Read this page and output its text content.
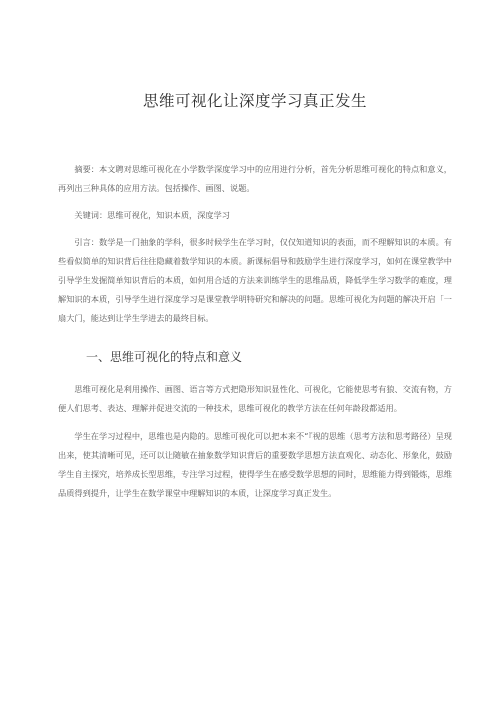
思维可视化让深度学习真正发生

摘要：本文聘对思维可视化在小学数学深度学习中的应用进行分析，首先分析思维可视化的特点和意义，再列出三种具体的应用方法。包括操作、画图、说题。

关键词：思维可视化，知识本质，深度学习

引言：数学是一门抽象的学科，很多时候学生在学习时，仅仅知道知识的表面，而不理解知识的本质。有些看似简单的知识背后往往隐藏着数学知识的本质。新课标倡导和鼓励学生进行深度学习，如何在课堂教学中引导学生发掘简单知识背后的本质，如何用合适的方法来训练学生的思维品质，降低学生学习数学的难度，理解知识的本质，引导学生进行深度学习是课堂教学明特研究和解决的问题。思维可视化为问题的解决开启「一扇大门，能达到让学生学进去的最终目标。

一、思维可视化的特点和意义

思维可视化是利用操作、画图、语言等方式把隐形知识显性化、可视化，它能使思考有狼、交流有物，方便人们思考、表达、理解并促进交流的一种技术，思维可视化的教学方法在任何年龄段都适用。

学生在学习过程中，思维也是内隐的。思维可视化可以把本来不“『视的思维（思考方法和思考路径）呈现出来，使其清晰可见，还可以让随敏在抽象数学知识背后的重要数学思想方法直观化、动态化、形象化，鼓励学生自主探究，培养成长型思维，专注学习过程，使得学生在感受数学思想的同时，思维能力得到锻炼，思维品质得到提升，让学生在数学课堂中理解知识的本质，让深度学习真正发生。
